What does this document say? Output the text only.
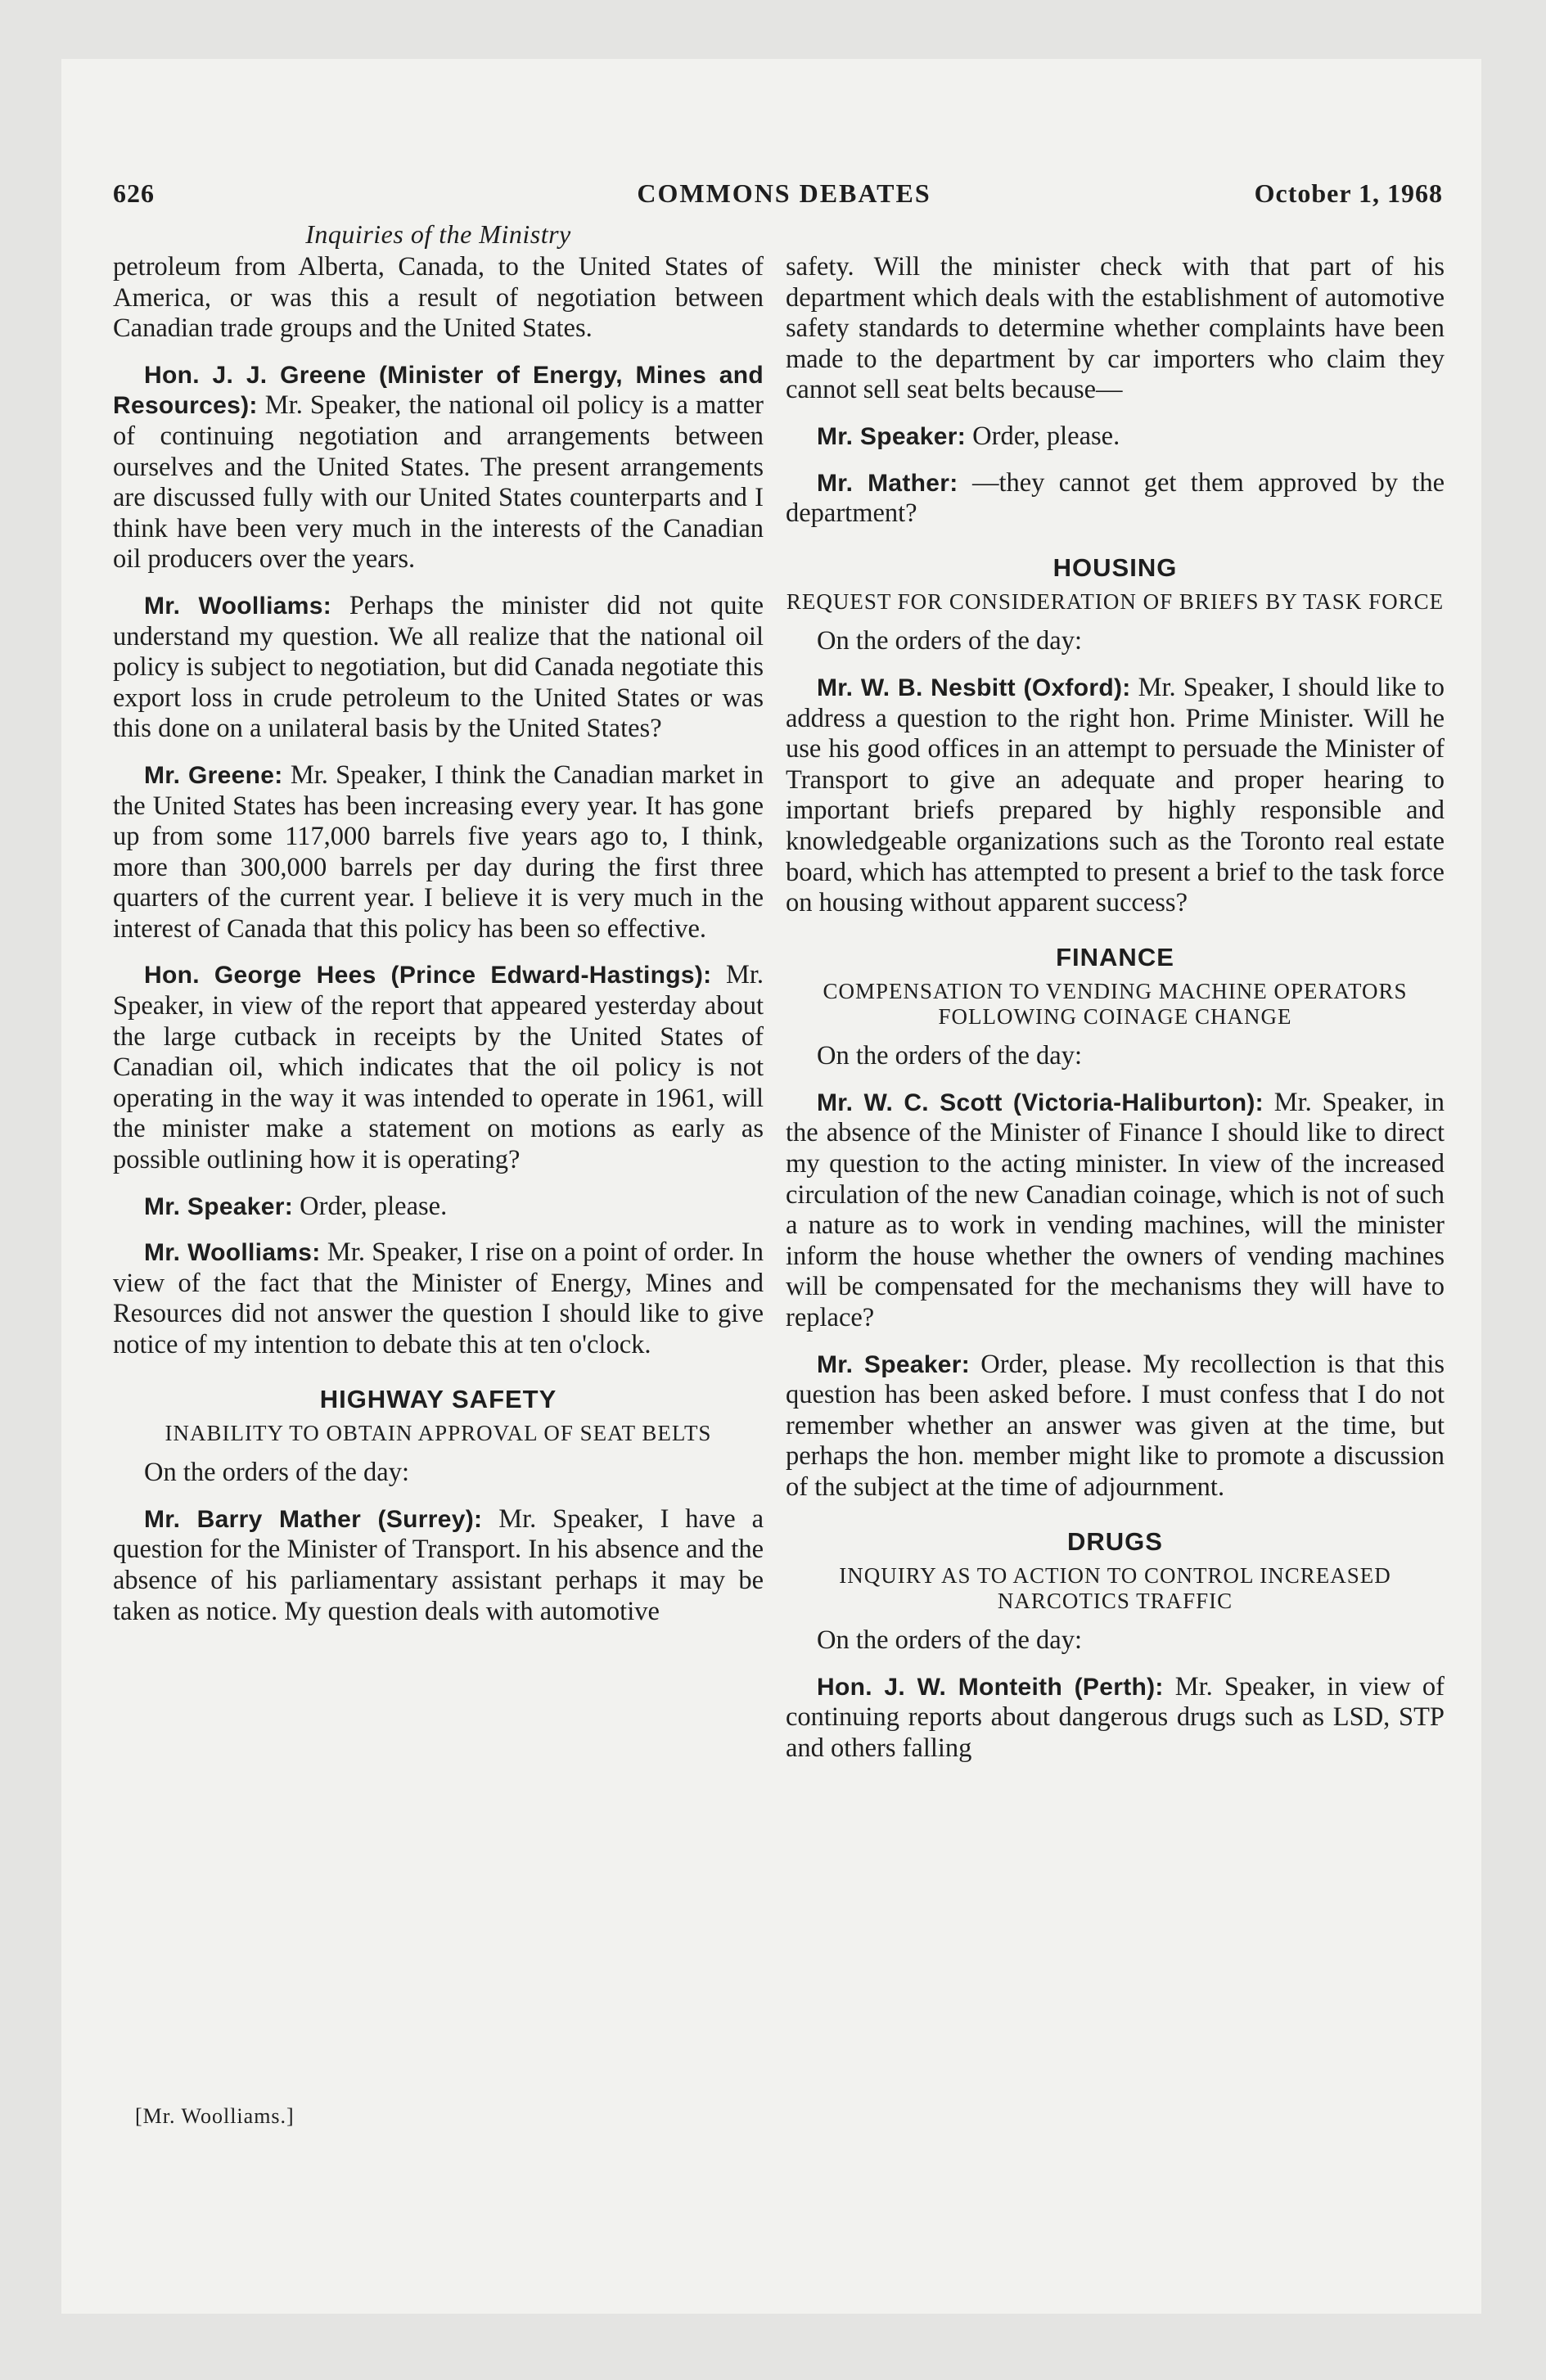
626	COMMONS DEBATES	October 1, 1968
Inquiries of the Ministry

petroleum from Alberta, Canada, to the United States of America, or was this a result of negotiation between Canadian trade groups and the United States.

Hon. J. J. Greene (Minister of Energy, Mines and Resources): Mr. Speaker, the national oil policy is a matter of continuing negotiation and arrangements between ourselves and the United States. The present arrangements are discussed fully with our United States counterparts and I think have been very much in the interests of the Canadian oil producers over the years.

Mr. Woolliams: Perhaps the minister did not quite understand my question. We all realize that the national oil policy is subject to negotiation, but did Canada negotiate this export loss in crude petroleum to the United States or was this done on a unilateral basis by the United States?

Mr. Greene: Mr. Speaker, I think the Canadian market in the United States has been increasing every year. It has gone up from some 117,000 barrels five years ago to, I think, more than 300,000 barrels per day during the first three quarters of the current year. I believe it is very much in the interest of Canada that this policy has been so effective.

Hon. George Hees (Prince Edward-Hastings): Mr. Speaker, in view of the report that appeared yesterday about the large cutback in receipts by the United States of Canadian oil, which indicates that the oil policy is not operating in the way it was intended to operate in 1961, will the minister make a statement on motions as early as possible outlining how it is operating?

Mr. Speaker: Order, please.

Mr. Woolliams: Mr. Speaker, I rise on a point of order. In view of the fact that the Minister of Energy, Mines and Resources did not answer the question I should like to give notice of my intention to debate this at ten o'clock.

HIGHWAY SAFETY
INABILITY TO OBTAIN APPROVAL OF SEAT BELTS

On the orders of the day:

Mr. Barry Mather (Surrey): Mr. Speaker, I have a question for the Minister of Transport. In his absence and the absence of his parliamentary assistant perhaps it may be taken as notice. My question deals with automotive

safety. Will the minister check with that part of his department which deals with the establishment of automotive safety standards to determine whether complaints have been made to the department by car importers who claim they cannot sell seat belts because—

Mr. Speaker: Order, please.

Mr. Mather: —they cannot get them approved by the department?

HOUSING
REQUEST FOR CONSIDERATION OF BRIEFS BY TASK FORCE

On the orders of the day:

Mr. W. B. Nesbitt (Oxford): Mr. Speaker, I should like to address a question to the right hon. Prime Minister. Will he use his good offices in an attempt to persuade the Minister of Transport to give an adequate and proper hearing to important briefs prepared by highly responsible and knowledgeable organizations such as the Toronto real estate board, which has attempted to present a brief to the task force on housing without apparent success?

FINANCE
COMPENSATION TO VENDING MACHINE OPERATORS FOLLOWING COINAGE CHANGE

On the orders of the day:

Mr. W. C. Scott (Victoria-Haliburton): Mr. Speaker, in the absence of the Minister of Finance I should like to direct my question to the acting minister. In view of the increased circulation of the new Canadian coinage, which is not of such a nature as to work in vending machines, will the minister inform the house whether the owners of vending machines will be compensated for the mechanisms they will have to replace?

Mr. Speaker: Order, please. My recollection is that this question has been asked before. I must confess that I do not remember whether an answer was given at the time, but perhaps the hon. member might like to promote a discussion of the subject at the time of adjournment.

DRUGS
INQUIRY AS TO ACTION TO CONTROL INCREASED NARCOTICS TRAFFIC

On the orders of the day:

Hon. J. W. Monteith (Perth): Mr. Speaker, in view of continuing reports about dangerous drugs such as LSD, STP and others falling

[Mr. Woolliams.]
